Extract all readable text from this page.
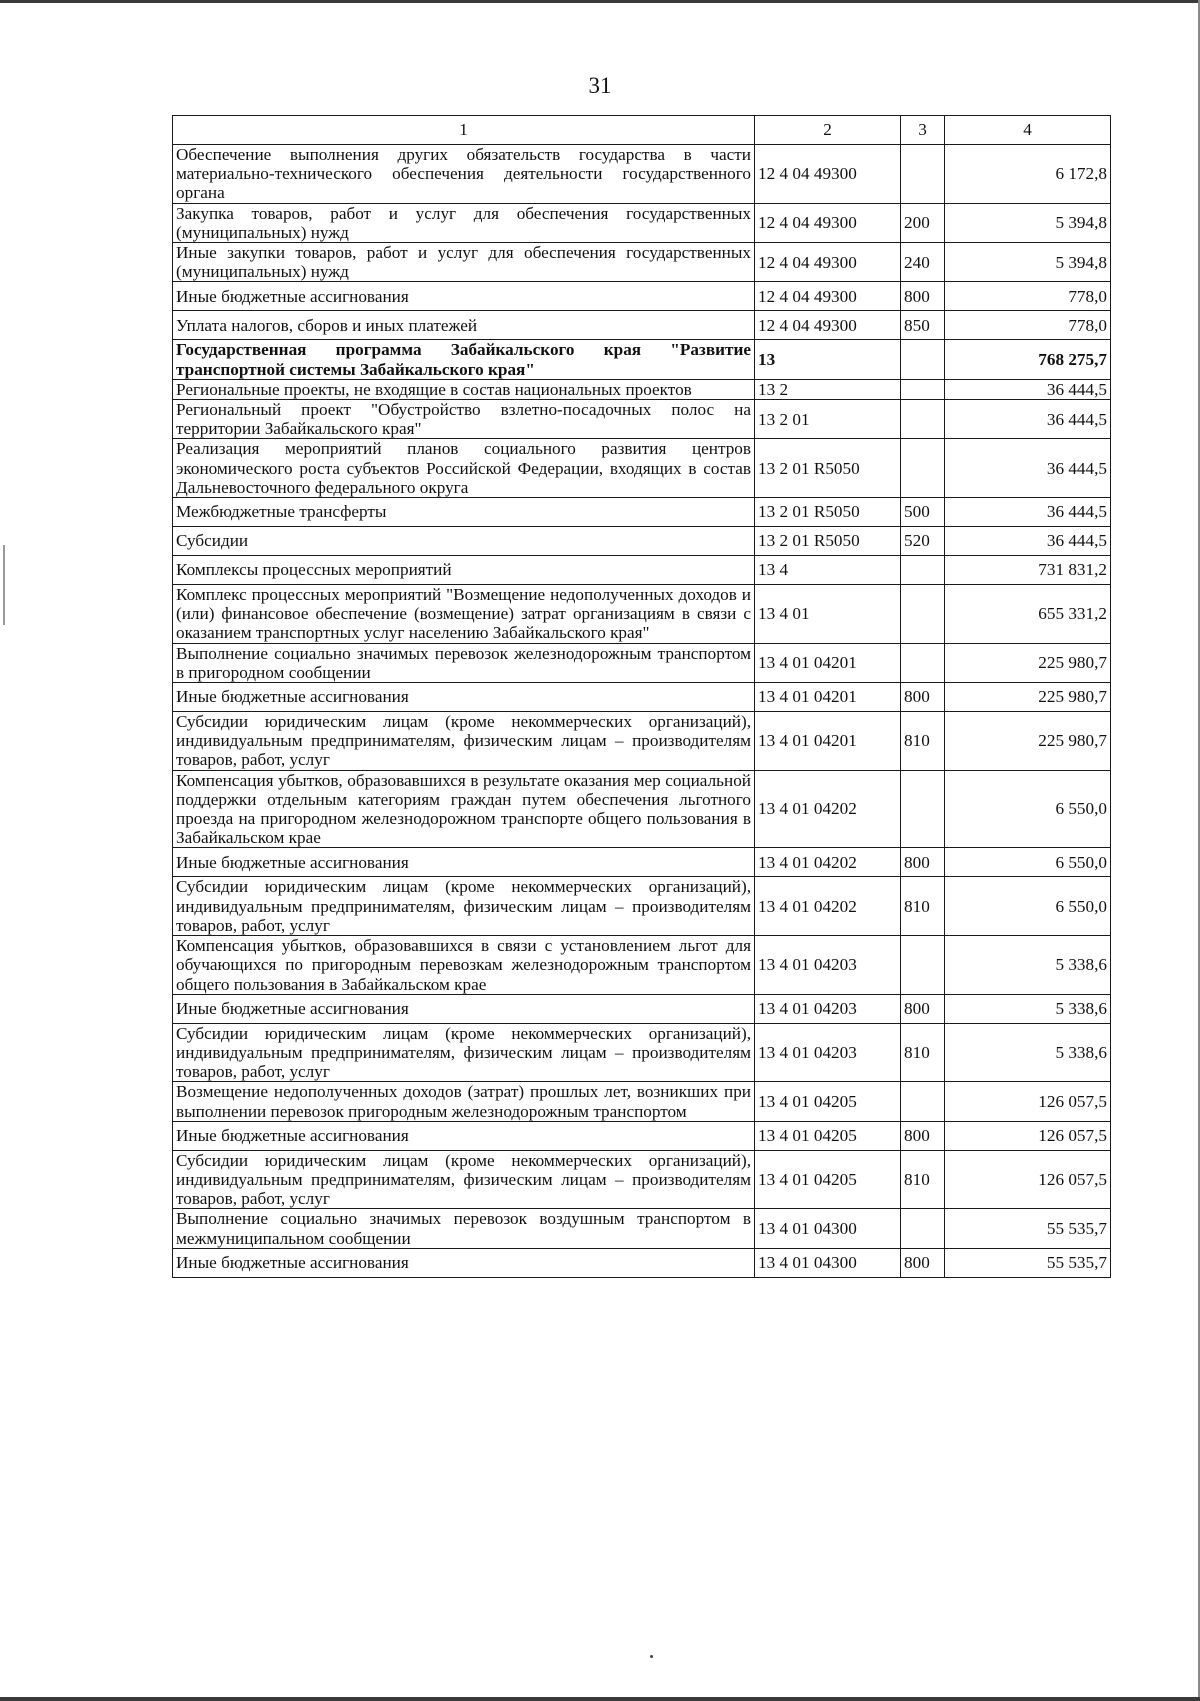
31
1	2	3	4
Обеспечение выполнения других обязательств государства в части материально-технического обеспечения деятельности государственного органа	12 4 04 49300		6 172,8
Закупка товаров, работ и услуг для обеспечения государственных (муниципальных) нужд	12 4 04 49300	200	5 394,8
Иные закупки товаров, работ и услуг для обеспечения государственных (муниципальных) нужд	12 4 04 49300	240	5 394,8
Иные бюджетные ассигнования	12 4 04 49300	800	778,0
Уплата налогов, сборов и иных платежей	12 4 04 49300	850	778,0
Государственная программа Забайкальского края "Развитие транспортной системы Забайкальского края"	13		768 275,7
Региональные проекты, не входящие в состав национальных проектов	13 2		36 444,5
Региональный проект "Обустройство взлетно-посадочных полос на территории Забайкальского края"	13 2 01		36 444,5
Реализация мероприятий планов социального развития центров экономического роста субъектов Российской Федерации, входящих в состав Дальневосточного федерального округа	13 2 01 R5050		36 444,5
Межбюджетные трансферты	13 2 01 R5050	500	36 444,5
Субсидии	13 2 01 R5050	520	36 444,5
Комплексы процессных мероприятий	13 4		731 831,2
Комплекс процессных мероприятий "Возмещение недополученных доходов и (или) финансовое обеспечение (возмещение) затрат организациям в связи с оказанием транспортных услуг населению Забайкальского края"	13 4 01		655 331,2
Выполнение социально значимых перевозок железнодорожным транспортом в пригородном сообщении	13 4 01 04201		225 980,7
Иные бюджетные ассигнования	13 4 01 04201	800	225 980,7
Субсидии юридическим лицам (кроме некоммерческих организаций), индивидуальным предпринимателям, физическим лицам – производителям товаров, работ, услуг	13 4 01 04201	810	225 980,7
Компенсация убытков, образовавшихся в результате оказания мер социальной поддержки отдельным категориям граждан путем обеспечения льготного проезда на пригородном железнодорожном транспорте общего пользования в Забайкальском крае	13 4 01 04202		6 550,0
Иные бюджетные ассигнования	13 4 01 04202	800	6 550,0
Субсидии юридическим лицам (кроме некоммерческих организаций), индивидуальным предпринимателям, физическим лицам – производителям товаров, работ, услуг	13 4 01 04202	810	6 550,0
Компенсация убытков, образовавшихся в связи с установлением льгот для обучающихся по пригородным перевозкам железнодорожным транспортом общего пользования в Забайкальском крае	13 4 01 04203		5 338,6
Иные бюджетные ассигнования	13 4 01 04203	800	5 338,6
Субсидии юридическим лицам (кроме некоммерческих организаций), индивидуальным предпринимателям, физическим лицам – производителям товаров, работ, услуг	13 4 01 04203	810	5 338,6
Возмещение недополученных доходов (затрат) прошлых лет, возникших при выполнении перевозок пригородным железнодорожным транспортом	13 4 01 04205		126 057,5
Иные бюджетные ассигнования	13 4 01 04205	800	126 057,5
Субсидии юридическим лицам (кроме некоммерческих организаций), индивидуальным предпринимателям, физическим лицам – производителям товаров, работ, услуг	13 4 01 04205	810	126 057,5
Выполнение социально значимых перевозок воздушным транспортом в межмуниципальном сообщении	13 4 01 04300		55 535,7
Иные бюджетные ассигнования	13 4 01 04300	800	55 535,7
